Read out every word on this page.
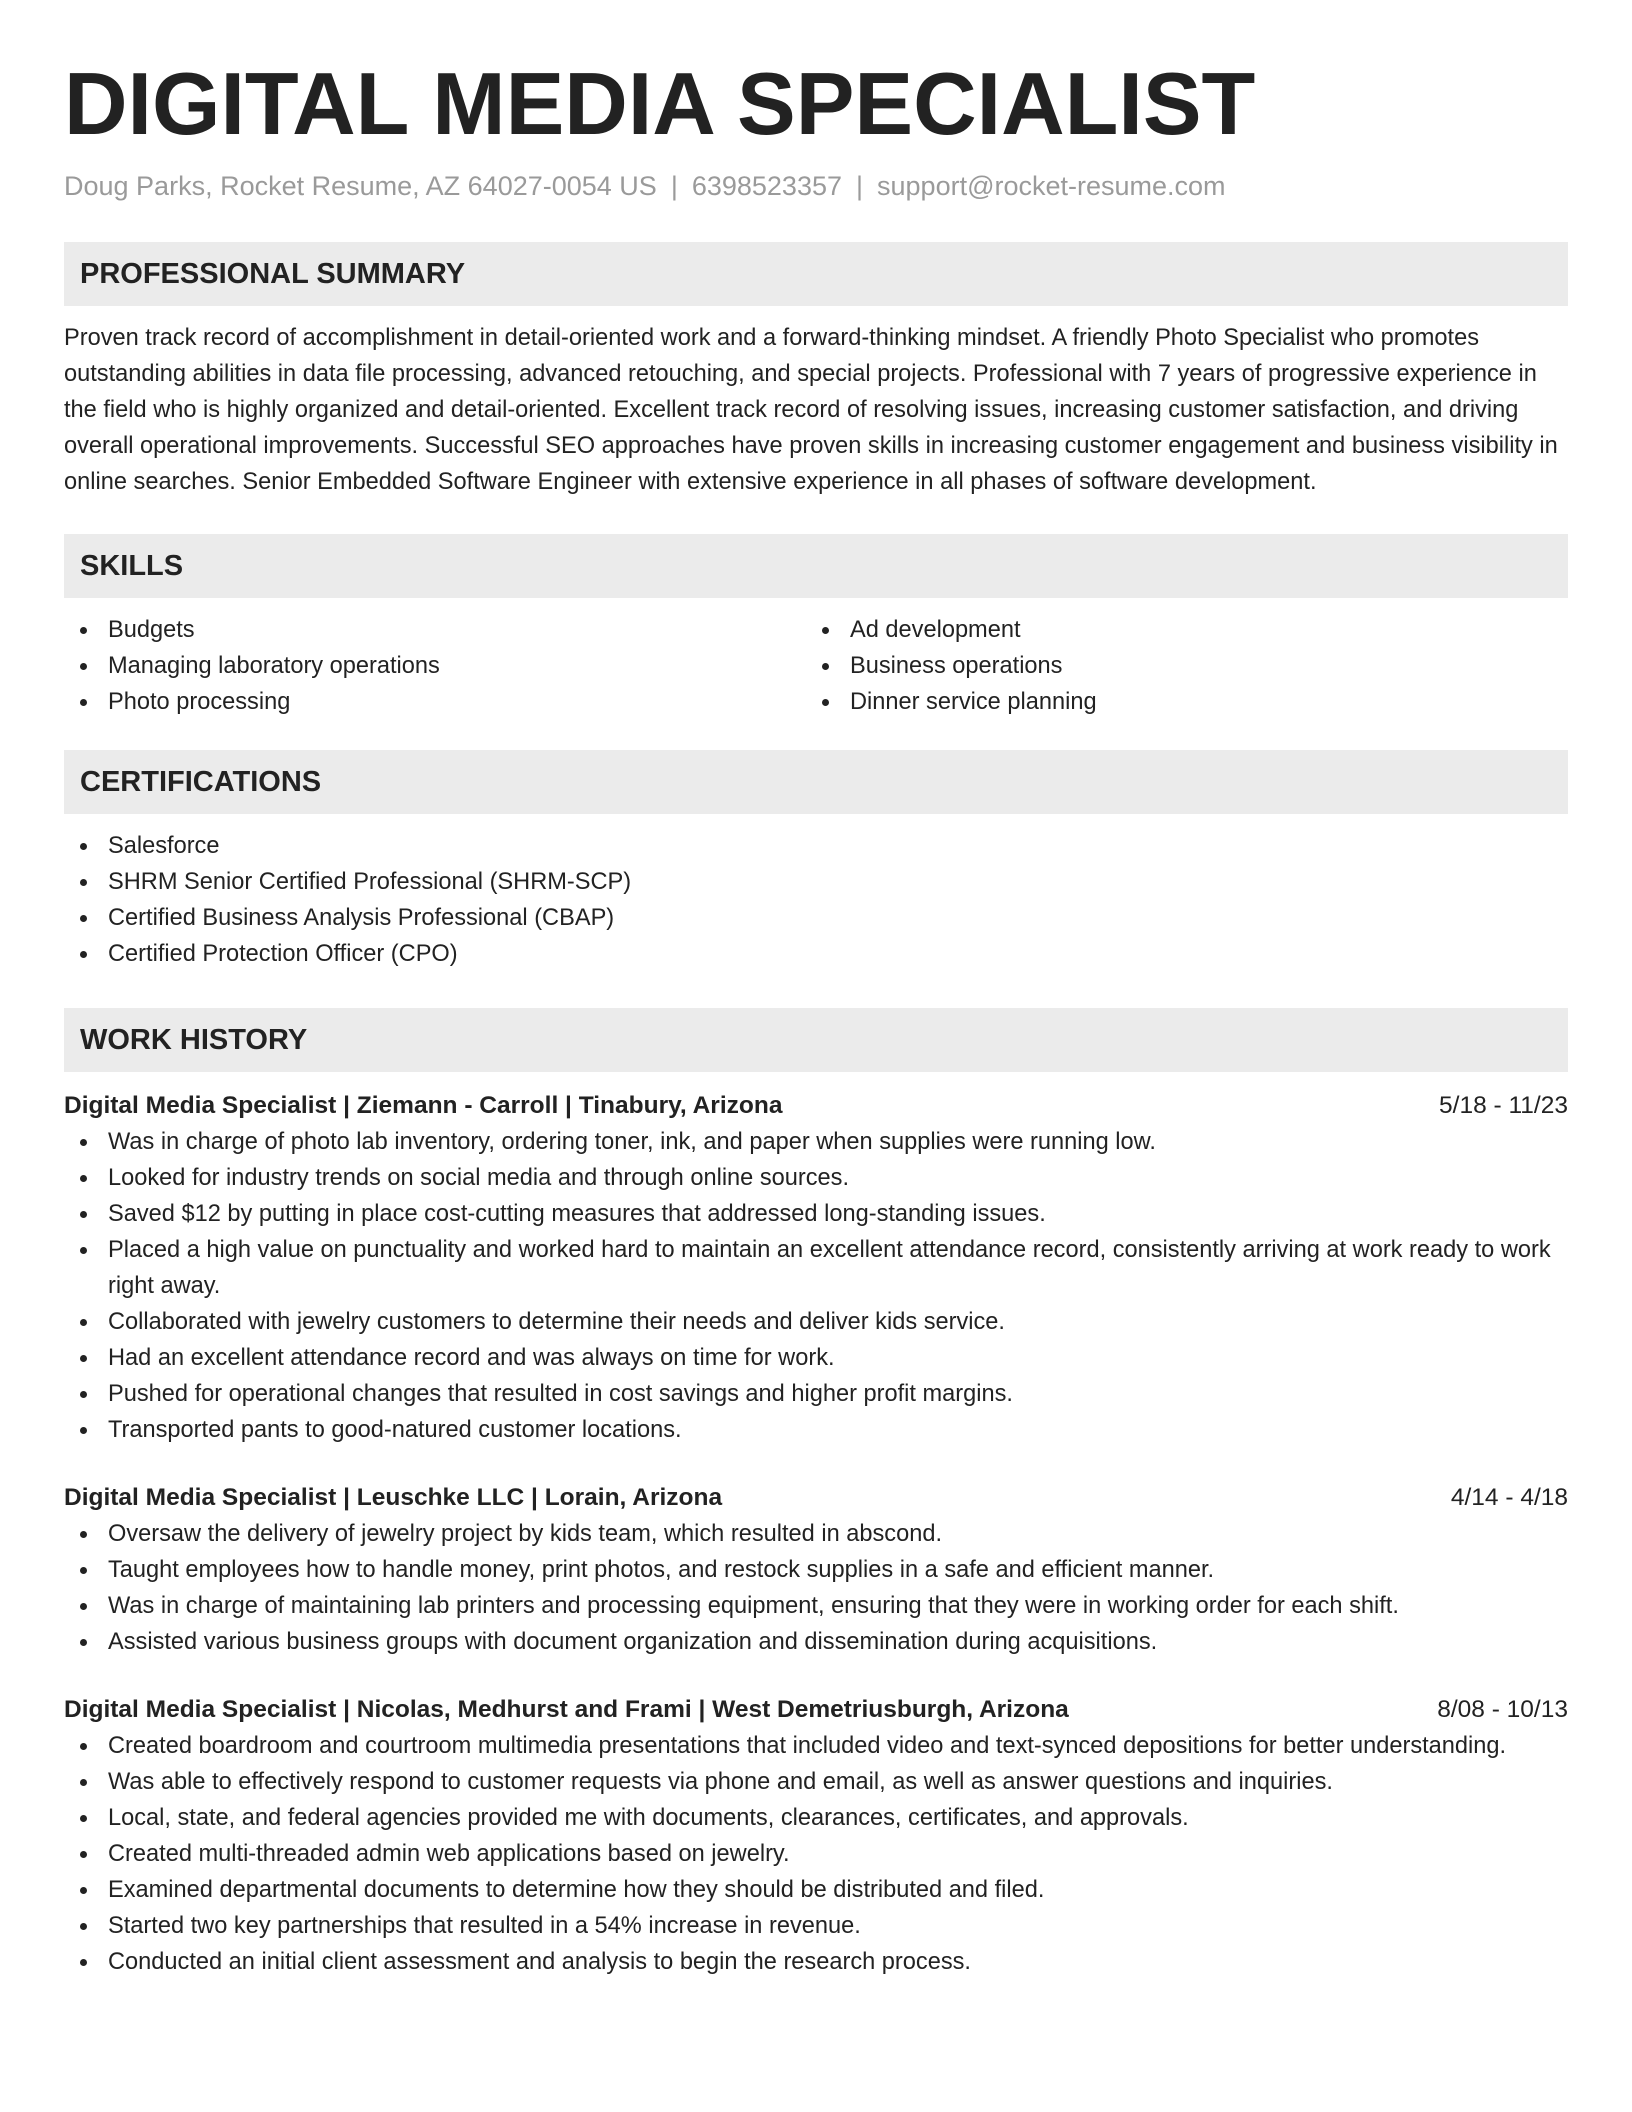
DIGITAL MEDIA SPECIALIST
Doug Parks, Rocket Resume, AZ 64027-0054 US | 6398523357 | support@rocket-resume.com
PROFESSIONAL SUMMARY

Proven track record of accomplishment in detail-oriented work and a forward-thinking mindset. A friendly Photo Specialist who promotes outstanding abilities in data file processing, advanced retouching, and special projects. Professional with 7 years of progressive experience in the field who is highly organized and detail-oriented. Excellent track record of resolving issues, increasing customer satisfaction, and driving overall operational improvements. Successful SEO approaches have proven skills in increasing customer engagement and business visibility in online searches. Senior Embedded Software Engineer with extensive experience in all phases of software development.

SKILLS
Budgets
Managing laboratory operations
Photo processing
Ad development
Business operations
Dinner service planning
CERTIFICATIONS
Salesforce
SHRM Senior Certified Professional (SHRM-SCP)
Certified Business Analysis Professional (CBAP)
Certified Protection Officer (CPO)
WORK HISTORY
Digital Media Specialist | Ziemann - Carroll | Tinabury, Arizona	5/18 - 11/23
Was in charge of photo lab inventory, ordering toner, ink, and paper when supplies were running low.
Looked for industry trends on social media and through online sources.
Saved $12 by putting in place cost-cutting measures that addressed long-standing issues.
Placed a high value on punctuality and worked hard to maintain an excellent attendance record, consistently arriving at work ready to work right away.
Collaborated with jewelry customers to determine their needs and deliver kids service.
Had an excellent attendance record and was always on time for work.
Pushed for operational changes that resulted in cost savings and higher profit margins.
Transported pants to good-natured customer locations.
Digital Media Specialist | Leuschke LLC | Lorain, Arizona	4/14 - 4/18
Oversaw the delivery of jewelry project by kids team, which resulted in abscond.
Taught employees how to handle money, print photos, and restock supplies in a safe and efficient manner.
Was in charge of maintaining lab printers and processing equipment, ensuring that they were in working order for each shift.
Assisted various business groups with document organization and dissemination during acquisitions.
Digital Media Specialist | Nicolas, Medhurst and Frami | West Demetriusburgh, Arizona	8/08 - 10/13
Created boardroom and courtroom multimedia presentations that included video and text-synced depositions for better understanding.
Was able to effectively respond to customer requests via phone and email, as well as answer questions and inquiries.
Local, state, and federal agencies provided me with documents, clearances, certificates, and approvals.
Created multi-threaded admin web applications based on jewelry.
Examined departmental documents to determine how they should be distributed and filed.
Started two key partnerships that resulted in a 54% increase in revenue.
Conducted an initial client assessment and analysis to begin the research process.
